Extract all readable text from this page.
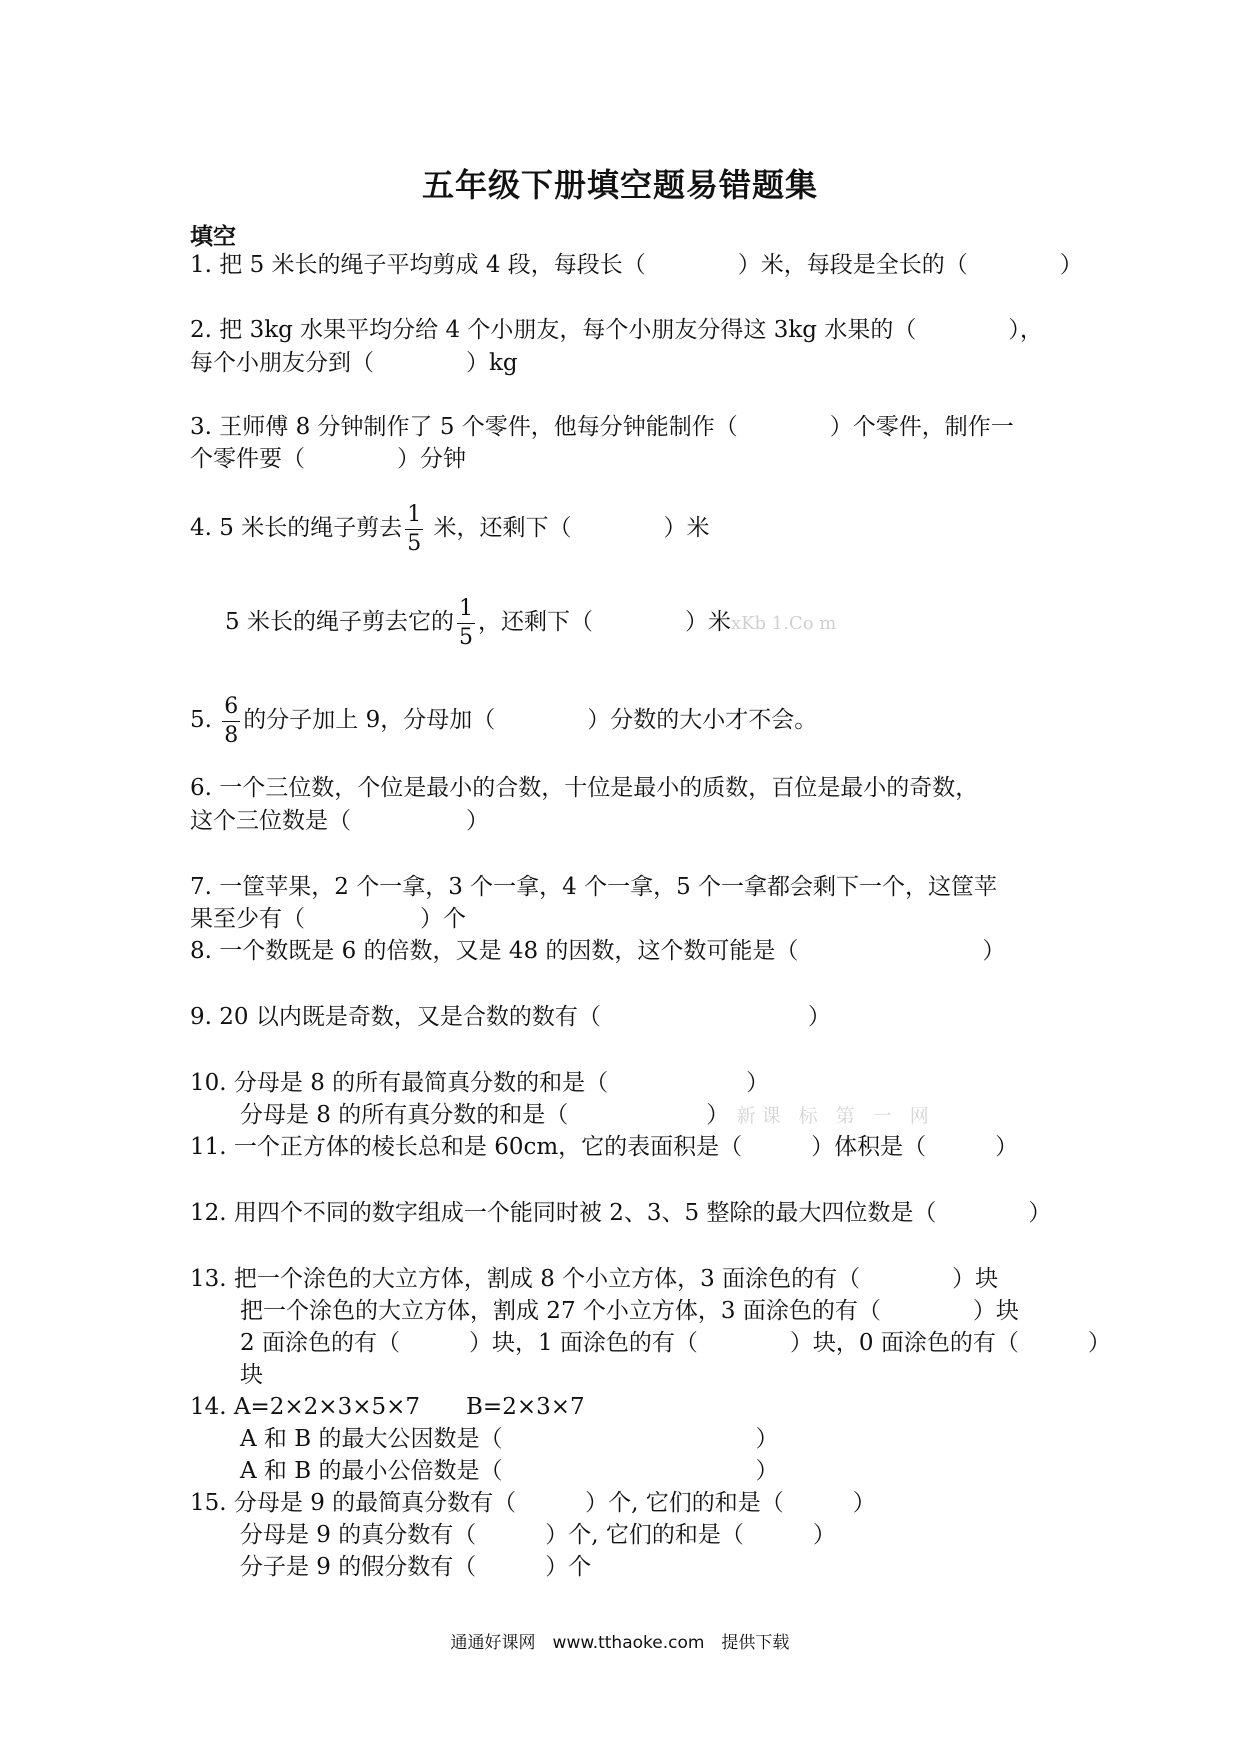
五年级下册填空题易错题集
填空
1. 把 5 米长的绳子平均剪成 4 段，每段长（　　　　）米，每段是全长的（　　　　）
2. 把 3kg 水果平均分给 4 个小朋友，每个小朋友分得这 3kg 水果的（　　　　），
每个小朋友分到（　　　　）kg
3. 王师傅 8 分钟制作了 5 个零件，他每分钟能制作（　　　　）个零件，制作一
个零件要（　　　　）分钟
4. 5 米长的绳子剪去 $\frac{1}{5}$ 米，还剩下（　　　　）米
5 米长的绳子剪去它的 $\frac{1}{5}$ ，还剩下（　　　　）米xKb 1.Co m
5. $\frac{6}{8}$ 的分子加上 9，分母加（　　　　）分数的大小才不会。
6. 一个三位数，个位是最小的合数，十位是最小的质数，百位是最小的奇数，
这个三位数是（　　　　　）
7. 一筐苹果，2 个一拿，3 个一拿，4 个一拿，5 个一拿都会剩下一个，这筐苹
果至少有（　　　　　）个
8. 一个数既是 6 的倍数，又是 48 的因数，这个数可能是（　　　　　　　　）
9. 20 以内既是奇数，又是合数的数有（　　　　　　　　　）
10. 分母是 8 的所有最简真分数的和是（　　　　　　）
分母是 8 的所有真分数的和是（　　　　　　） 新课 标 第 一 网
11. 一个正方体的棱长总和是 60cm，它的表面积是（　　　）体积是（　　　）
12. 用四个不同的数字组成一个能同时被 2、3、5 整除的最大四位数是（　　　　）
13. 把一个涂色的大立方体，割成 8 个小立方体，3 面涂色的有（　　　　）块
把一个涂色的大立方体，割成 27 个小立方体，3 面涂色的有（　　　　）块
2 面涂色的有（　　　）块，1 面涂色的有（　　　　）块，0 面涂色的有（　　　）
块
14. A=2×2×3×5×7　　B=2×3×7
A 和 B 的最大公因数是（　　　　　　　　　　　）
A 和 B 的最小公倍数是（　　　　　　　　　　　）
15. 分母是 9 的最简真分数有（　　　）个, 它们的和是（　　　）
分母是 9 的真分数有（　　　）个, 它们的和是（　　　）
分子是 9 的假分数有（　　　）个
通通好课网　www.tthaoke.com　提供下载
